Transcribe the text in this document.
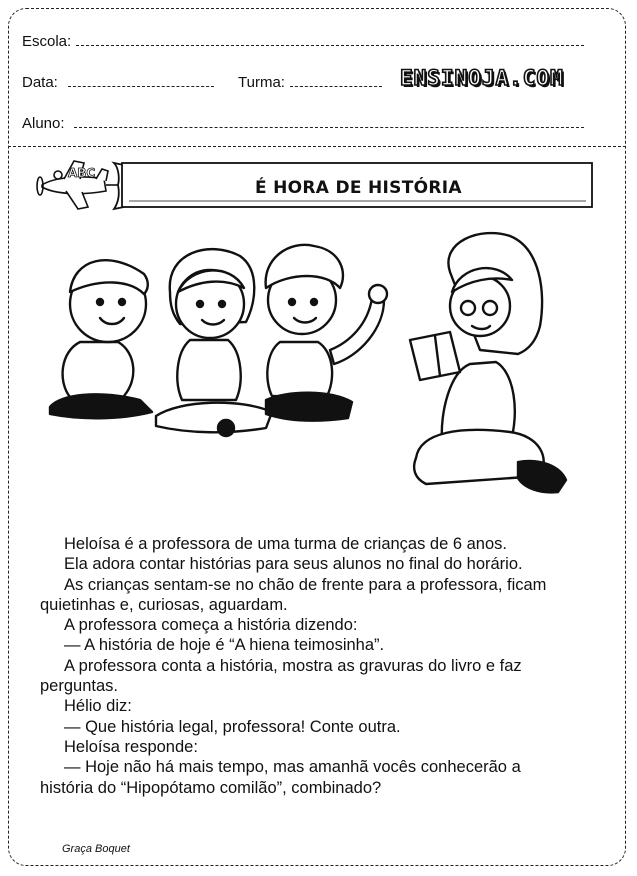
Escola:
Data:	Turma:	ENSINOJA.COM
Aluno:
ABC
É HORA DE HISTÓRIA

Heloísa é a professora de uma turma de crianças de 6 anos.

Ela adora contar histórias para seus alunos no final do horário.

As crianças sentam-se no chão de frente para a professora, ficam

quietinhas e, curiosas, aguardam.

A professora começa a história dizendo:

— A história de hoje é “A hiena teimosinha”.

A professora conta a história, mostra as gravuras do livro e faz

perguntas.

Hélio diz:

— Que história legal, professora! Conte outra.

Heloísa responde:

— Hoje não há mais tempo, mas amanhã vocês conhecerão a

história do “Hipopótamo comilão”, combinado?

Graça Boquet
